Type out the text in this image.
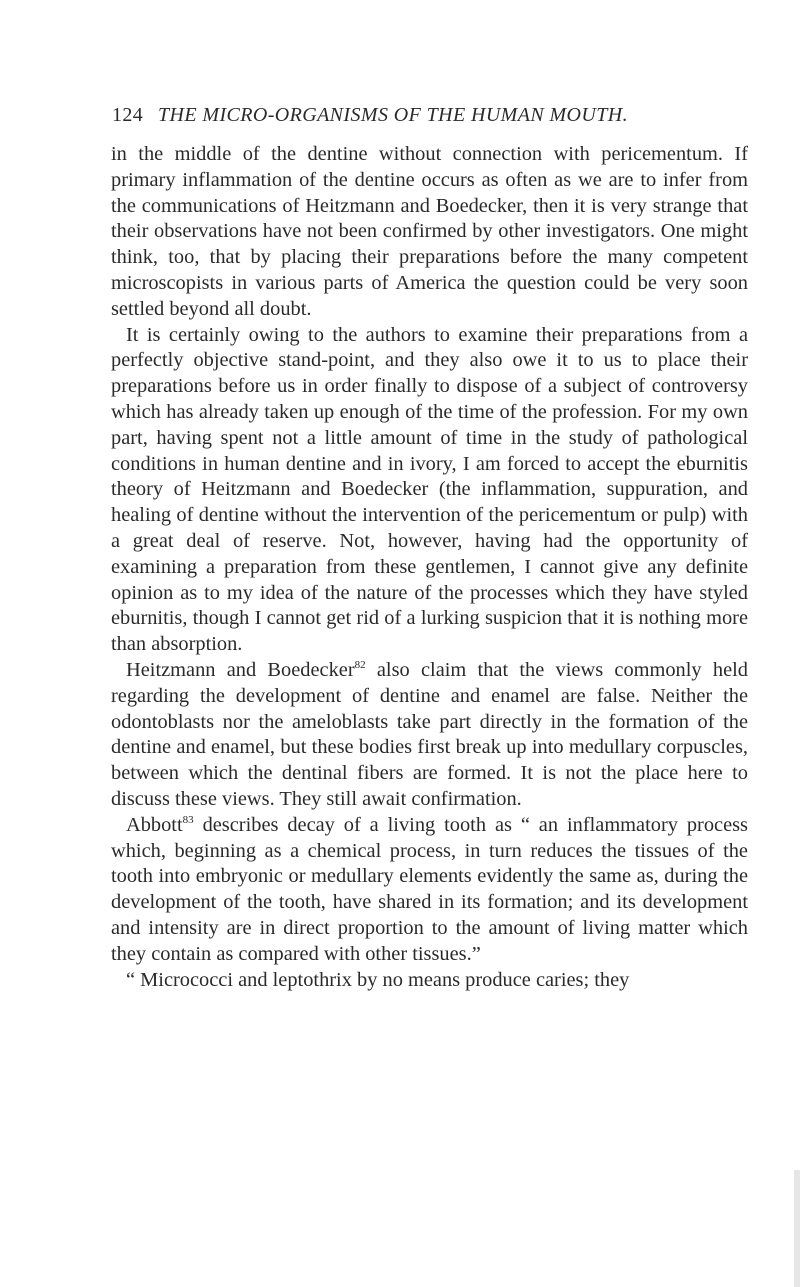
124 THE MICRO-ORGANISMS OF THE HUMAN MOUTH.

in the middle of the dentine without connection with pericementum. If primary inflammation of the dentine occurs as often as we are to infer from the communications of Heitzmann and Boedecker, then it is very strange that their observations have not been confirmed by other investigators. One might think, too, that by placing their preparations before the many competent microscopists in various parts of America the question could be very soon settled beyond all doubt.

It is certainly owing to the authors to examine their preparations from a perfectly objective stand-point, and they also owe it to us to place their preparations before us in order finally to dispose of a subject of controversy which has already taken up enough of the time of the profession. For my own part, having spent not a little amount of time in the study of pathological conditions in human dentine and in ivory, I am forced to accept the eburnitis theory of Heitzmann and Boedecker (the inflammation, suppuration, and healing of dentine without the intervention of the pericementum or pulp) with a great deal of reserve. Not, however, having had the opportunity of examining a preparation from these gentlemen, I cannot give any definite opinion as to my idea of the nature of the processes which they have styled eburnitis, though I cannot get rid of a lurking suspicion that it is nothing more than absorption.

Heitzmann and Boedecker$^{82}$ also claim that the views commonly held regarding the development of dentine and enamel are false. Neither the odontoblasts nor the ameloblasts take part directly in the formation of the dentine and enamel, but these bodies first break up into medullary corpuscles, between which the dentinal fibers are formed. It is not the place here to discuss these views. They still await confirmation.

Abbott$^{83}$ describes decay of a living tooth as “ an inflammatory process which, beginning as a chemical process, in turn reduces the tissues of the tooth into embryonic or medullary elements evidently the same as, during the development of the tooth, have shared in its formation; and its development and intensity are in direct proportion to the amount of living matter which they contain as compared with other tissues.”

“ Micrococci and leptothrix by no means produce caries; they
